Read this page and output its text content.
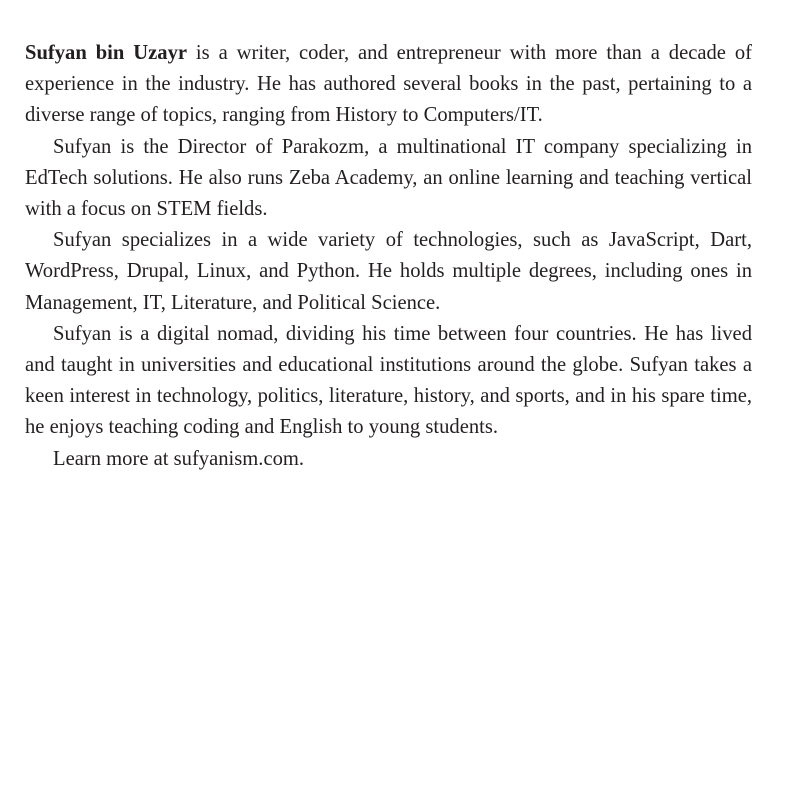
Sufyan bin Uzayr is a writer, coder, and entrepreneur with more than a decade of experience in the industry. He has authored several books in the past, pertaining to a diverse range of topics, ranging from History to Computers/IT.

Sufyan is the Director of Parakozm, a multinational IT company specializing in EdTech solutions. He also runs Zeba Academy, an online learning and teaching vertical with a focus on STEM fields.

Sufyan specializes in a wide variety of technologies, such as JavaScript, Dart, WordPress, Drupal, Linux, and Python. He holds multiple degrees, including ones in Management, IT, Literature, and Political Science.

Sufyan is a digital nomad, dividing his time between four countries. He has lived and taught in universities and educational institutions around the globe. Sufyan takes a keen interest in technology, politics, literature, history, and sports, and in his spare time, he enjoys teaching coding and English to young students.

Learn more at sufyanism.com.
